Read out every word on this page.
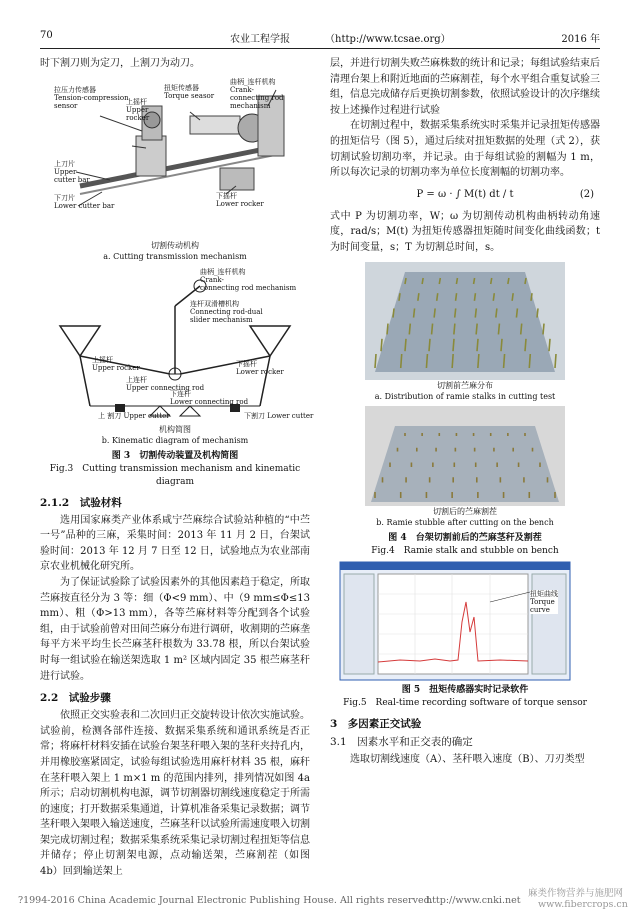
70	农业工程学报	（http://www.tcsae.org）	2016 年

时下割刀则为定刀，上割刀为动刀。

拉压力传感器
Tension-compression
sensor
扭矩传感器
Torque seasor
曲柄_连杆机构
Crank-
connecting rod
mechanism
上摇杆
Upper
rocker
上刀片
Upper
cutter bar
下刀片
Lower cutter bar
下摇杆
Lower rocker
切割传动机构
a. Cutting transmission mechanism
曲柄_连杆机构
Crank-
connecting rod mechanism
连杆双滑槽机构
Connecting rod-dual
slider mechanism
上摇杆
Upper rocker	下摇杆
Lower rocker
上连杆
Upper connecting rod
下连杆
Lower connecting rod
上 割刀 Upper cutter	下割刀 Lower cutter
机构简图
b. Kinematic diagram of mechanism
图 3　切割传动装置及机构简图
Fig.3　Cutting transmission mechanism and kinematic diagram
2.1.2　试验材料

选用国家麻类产业体系咸宁苎麻综合试验站种植的“中苎一号”品种的三麻，采集时间：2013 年 11 月 2 日，台架试验时间：2013 年 12 月 7 日至 12 日，试验地点为农业部南京农业机械化研究所。

为了保证试验除了试验因素外的其他因素趋于稳定，所取苎麻按直径分为 3 等：细（Φ<9 mm）、中（9 mm≤Φ≤13 mm）、粗（Φ>13 mm），各等苎麻材料等分配到各个试验组，由于试验前曾对田间苎麻分布进行调研，收割期的苎麻垄每平方米平均生长苎麻茎秆根数为 33.78 根，所以台架试验时每一组试验在输送架选取 1 m² 区域内固定 35 根苎麻茎秆进行试验。

2.2　试验步骤

依照正交实验表和二次回归正交旋转设计依次实施试验。试验前，检测各部件连接、数据采集系统和通讯系统是否正常；将麻杆材料安插在试验台架茎秆喂入架的茎秆夹持孔内，并用橡胶塞紧固定，试验每组试验选用麻杆材料 35 根，麻秆在茎秆喂入架上 1 m×1 m 的范围内排列，排列情况如图 4a 所示；启动切割机构电源，调节切割器切割线速度稳定于所需的速度；打开数据采集通道，计算机准备采集记录数据；调节茎秆喂入架喂入输送速度，苎麻茎秆以试验所需速度喂入切割架完成切割过程；数据采集系统采集记录切割过程扭矩等信息并储存；停止切割架电源，点动输送架，苎麻割茬（如图 4b）回到输送架上

层，并进行切割失败苎麻株数的统计和记录；每组试验结束后清理台架上和附近地面的苎麻割茬，每个水平组合重复试验三组，信息完成储存后更换切割参数，依照试验设计的次序继续按上述操作过程进行试验

在切割过程中，数据采集系统实时采集并记录扭矩传感器的扭矩信号（图 5），通过后续对扭矩数据的处理（式 2），获切割试验切割功率，并记录。由于每组试验的割幅为 1 m，所以每次记录的切割功率为单位长度割幅的切割功率。

P = ω · ∫ M(t) dt / t	(2)

式中 P 为切割功率，W；ω 为切割传动机构曲柄转动角速度，rad/s；M(t) 为扭矩传感器扭矩随时间变化曲线函数；t 为时间变量，s；T 为切割总时间，s。

切割前苎麻分布
a. Distribution of ramie stalks in cutting test
切割后的苎麻割茬
b. Ramie stubble after cutting on the bench
图 4　台架切割前后的苎麻茎秆及割茬
Fig.4　Ramie stalk and stubble on bench
扭矩曲线
Torque
curve
图 5　扭矩传感器实时记录软件
Fig.5　Real-time recording software of torque sensor
3　多因素正交试验
3.1　因素水平和正交表的确定

选取切割线速度（A）、茎秆喂入速度（B）、刀刃类型

?1994-2016 China Academic Journal Electronic Publishing House. All rights reserved.
http://www.cnki.net
麻类作物营养与施肥网
www.fibercrops.cn
